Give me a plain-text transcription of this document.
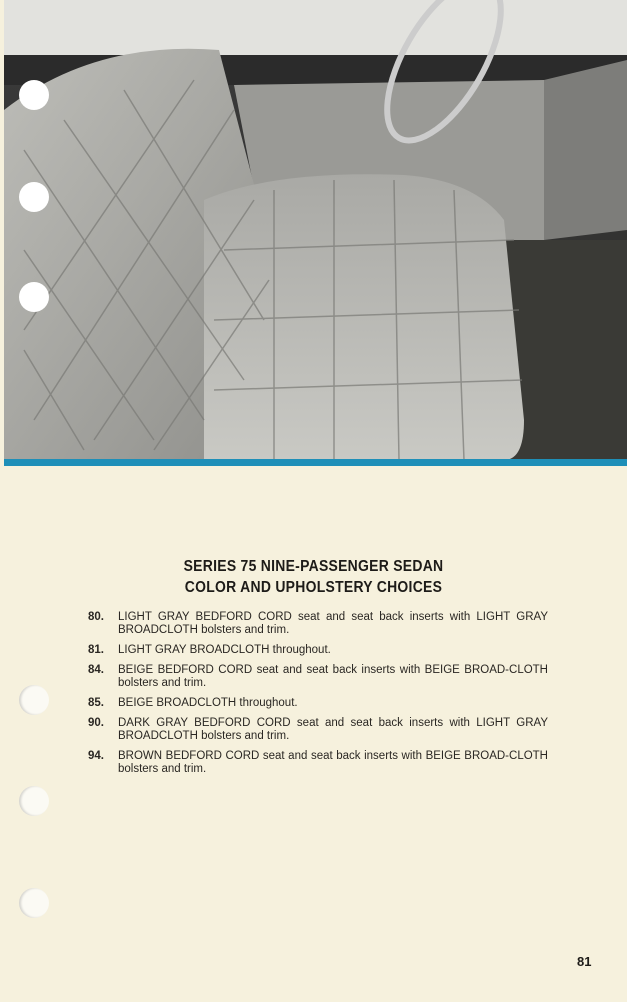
SERIES 75 NINE-PASSENGER SEDAN
COLOR AND UPHOLSTERY CHOICES
80.	LIGHT GRAY BEDFORD CORD seat and seat back inserts with LIGHT GRAY BROADCLOTH bolsters and trim.
81.	LIGHT GRAY BROADCLOTH throughout.
84.	BEIGE BEDFORD CORD seat and seat back inserts with BEIGE BROAD-CLOTH bolsters and trim.
85.	BEIGE BROADCLOTH throughout.
90.	DARK GRAY BEDFORD CORD seat and seat back inserts with LIGHT GRAY BROADCLOTH bolsters and trim.
94.	BROWN BEDFORD CORD seat and seat back inserts with BEIGE BROAD-CLOTH bolsters and trim.
81
